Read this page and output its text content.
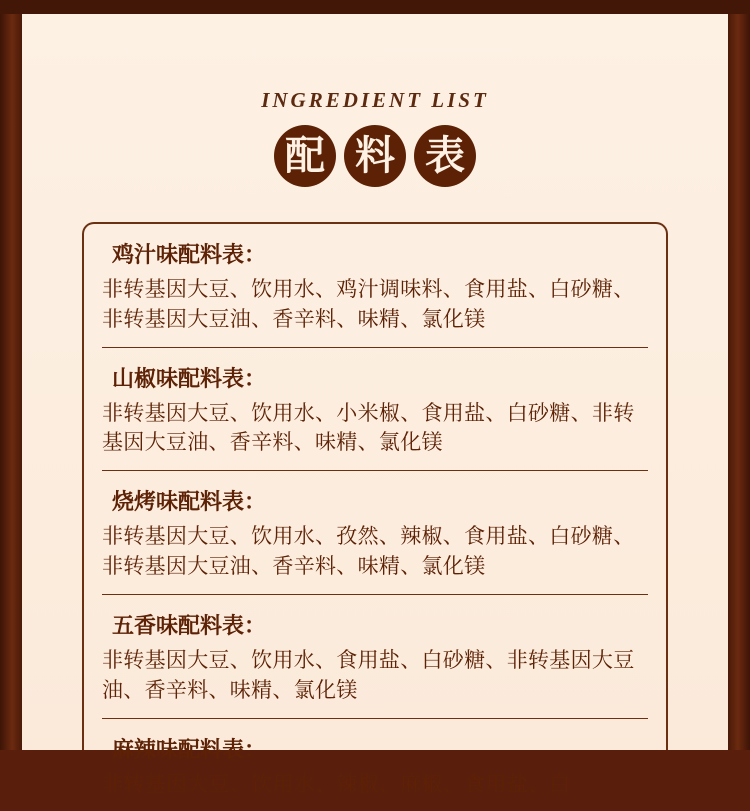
INGREDIENT LIST

配 料 表

鸡汁味配料表：

非转基因大豆、饮用水、鸡汁调味料、食用盐、白砂糖、非转基因大豆油、香辛料、味精、氯化镁

山椒味配料表：

非转基因大豆、饮用水、小米椒、食用盐、白砂糖、非转基因大豆油、香辛料、味精、氯化镁

烧烤味配料表：

非转基因大豆、饮用水、孜然、辣椒、食用盐、白砂糖、非转基因大豆油、香辛料、味精、氯化镁

五香味配料表：

非转基因大豆、饮用水、食用盐、白砂糖、非转基因大豆油、香辛料、味精、氯化镁

麻辣味配料表：

非转基因大豆、饮用水、辣椒、麻椒、食用盐、白
